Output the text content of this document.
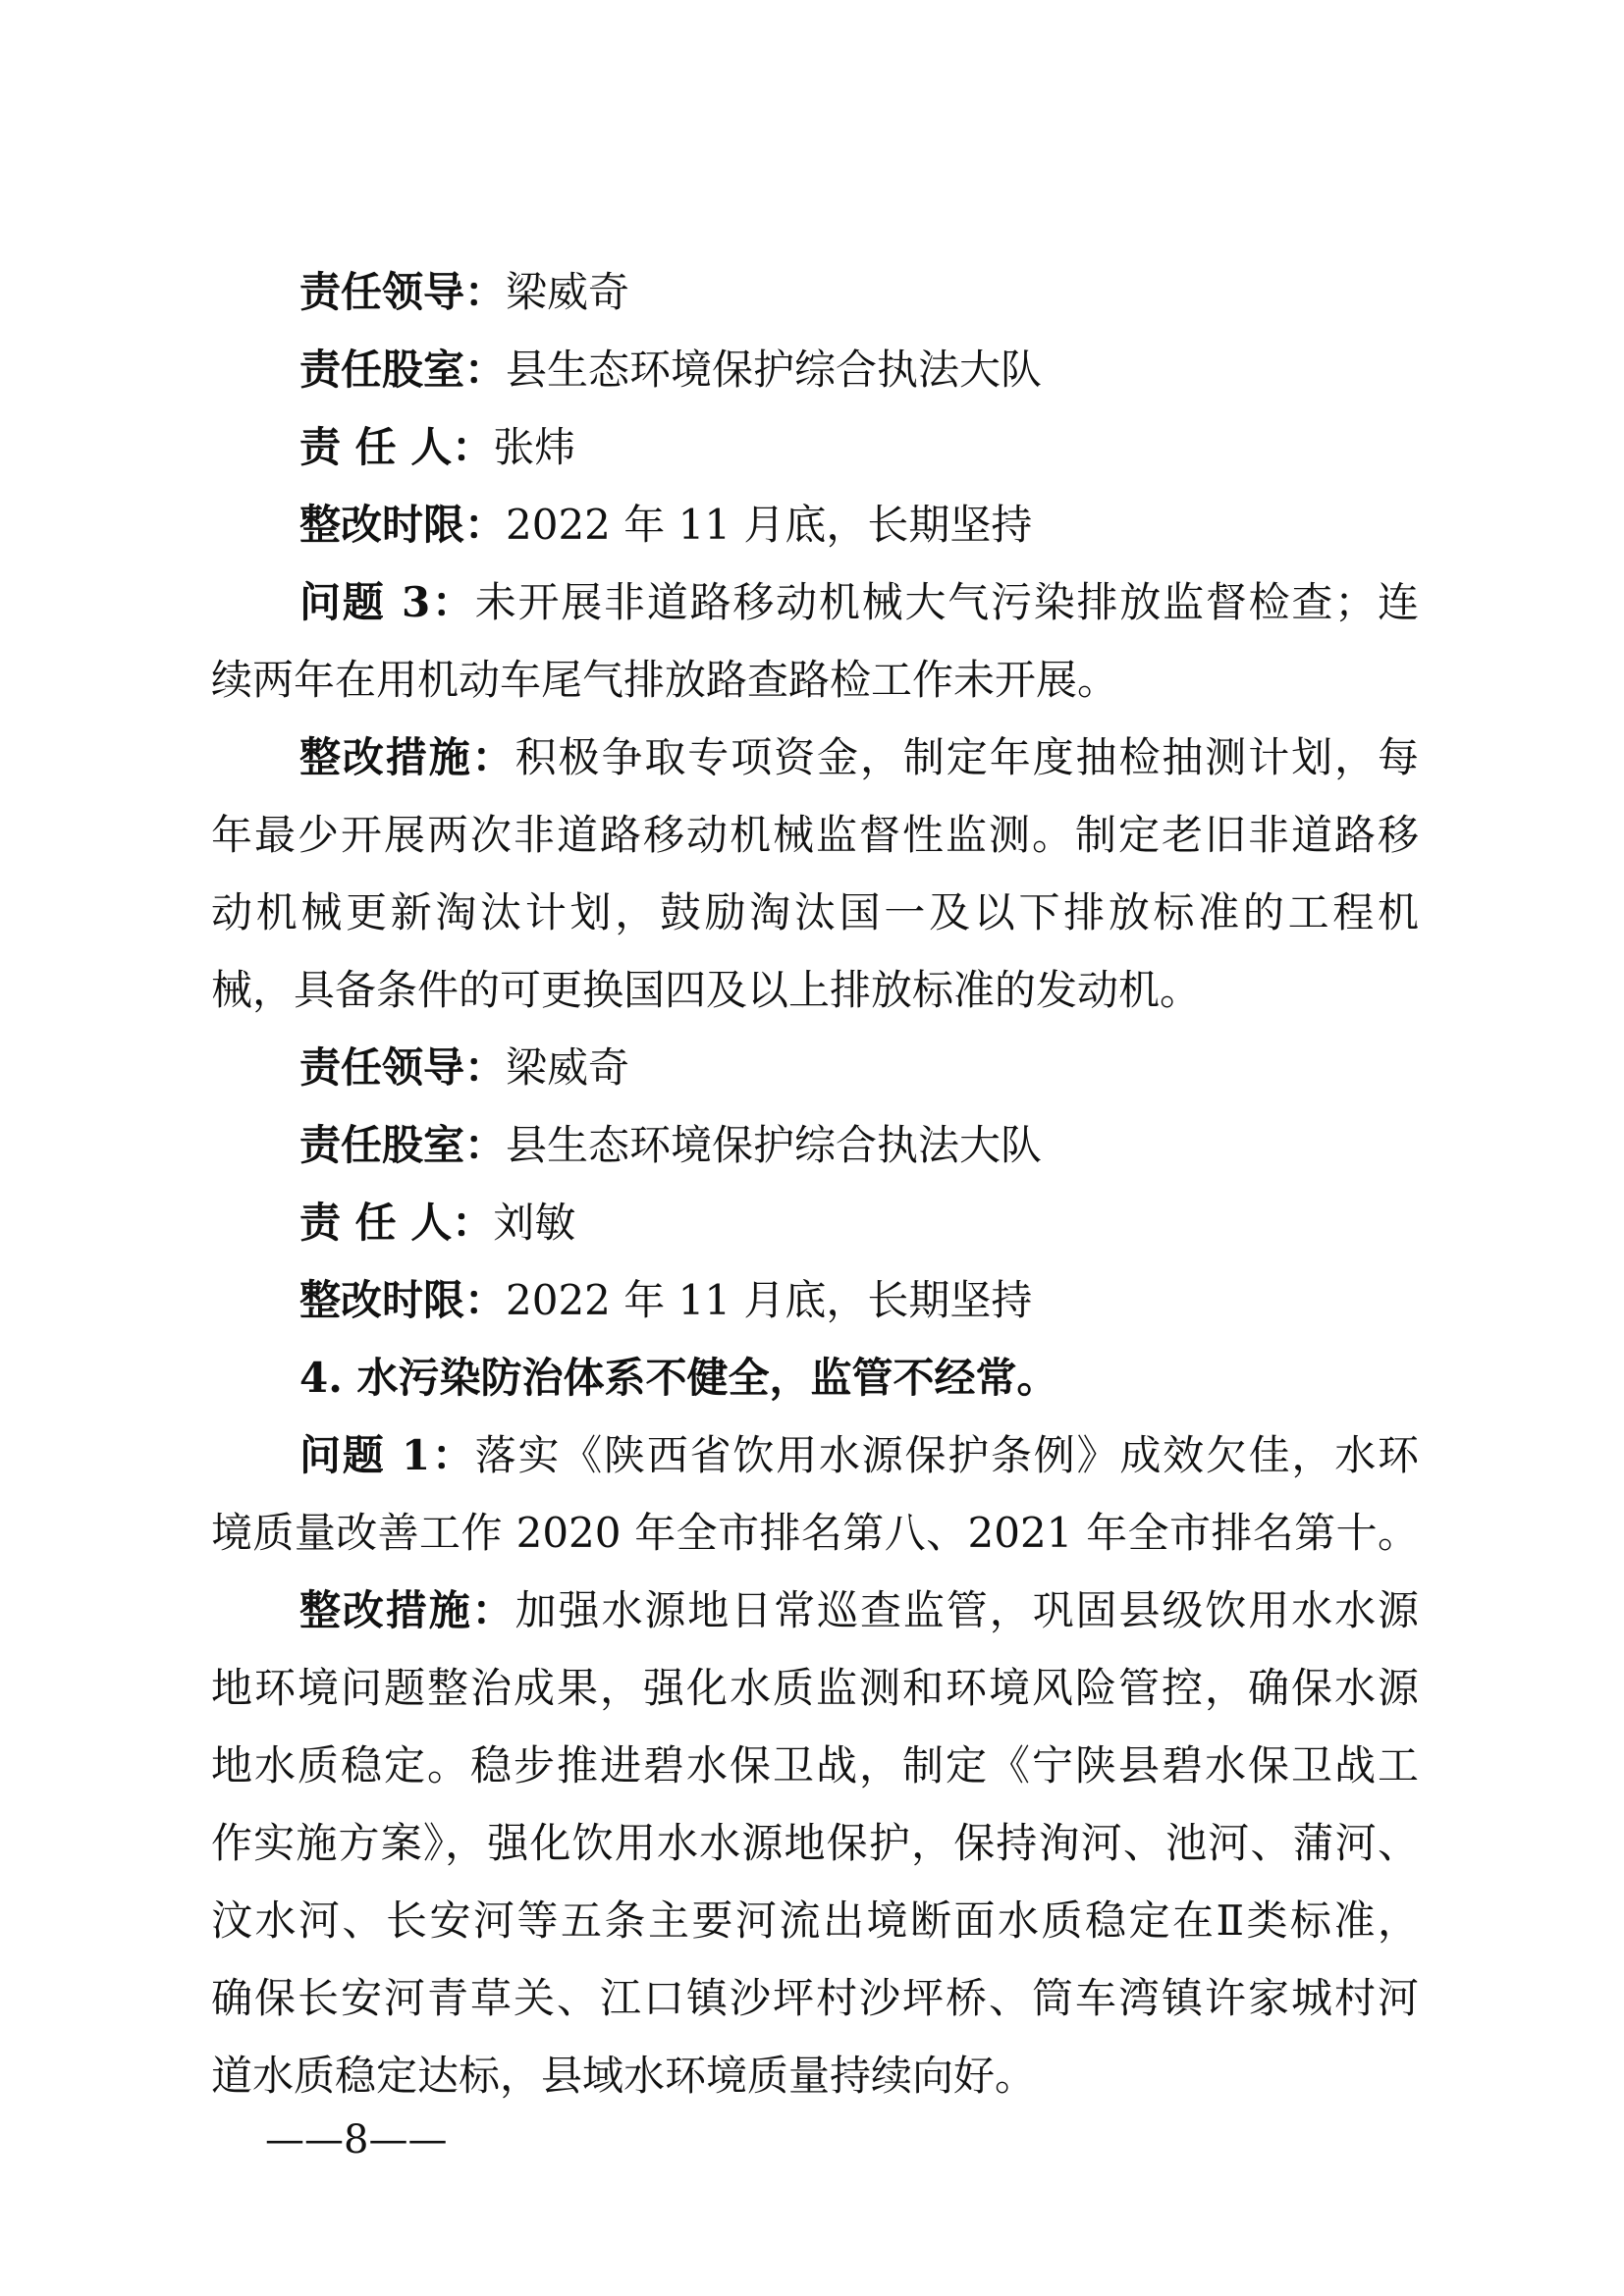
责任领导：梁威奇
责任股室：县生态环境保护综合执法大队
责 任 人：张炜
整改时限：2022 年 11 月底，长期坚持
问题 3：未开展非道路移动机械大气污染排放监督检查；连
续两年在用机动车尾气排放路查路检工作未开展。
整改措施：积极争取专项资金，制定年度抽检抽测计划，每
年最少开展两次非道路移动机械监督性监测。制定老旧非道路移
动机械更新淘汰计划，鼓励淘汰国一及以下排放标准的工程机
械，具备条件的可更换国四及以上排放标准的发动机。
责任领导：梁威奇
责任股室：县生态环境保护综合执法大队
责 任 人：刘敏
整改时限：2022 年 11 月底，长期坚持
4. 水污染防治体系不健全，监管不经常。
问题 1：落实《陕西省饮用水源保护条例》成效欠佳，水环
境质量改善工作 2020 年全市排名第八、2021 年全市排名第十。
整改措施：加强水源地日常巡查监管，巩固县级饮用水水源
地环境问题整治成果，强化水质监测和环境风险管控，确保水源
地水质稳定。稳步推进碧水保卫战，制定《宁陕县碧水保卫战工
作实施方案》，强化饮用水水源地保护，保持洵河、池河、蒲河、
汶水河、长安河等五条主要河流出境断面水质稳定在Ⅱ类标准，
确保长安河青草关、江口镇沙坪村沙坪桥、筒车湾镇许家城村河
道水质稳定达标，县域水环境质量持续向好。
——8——
